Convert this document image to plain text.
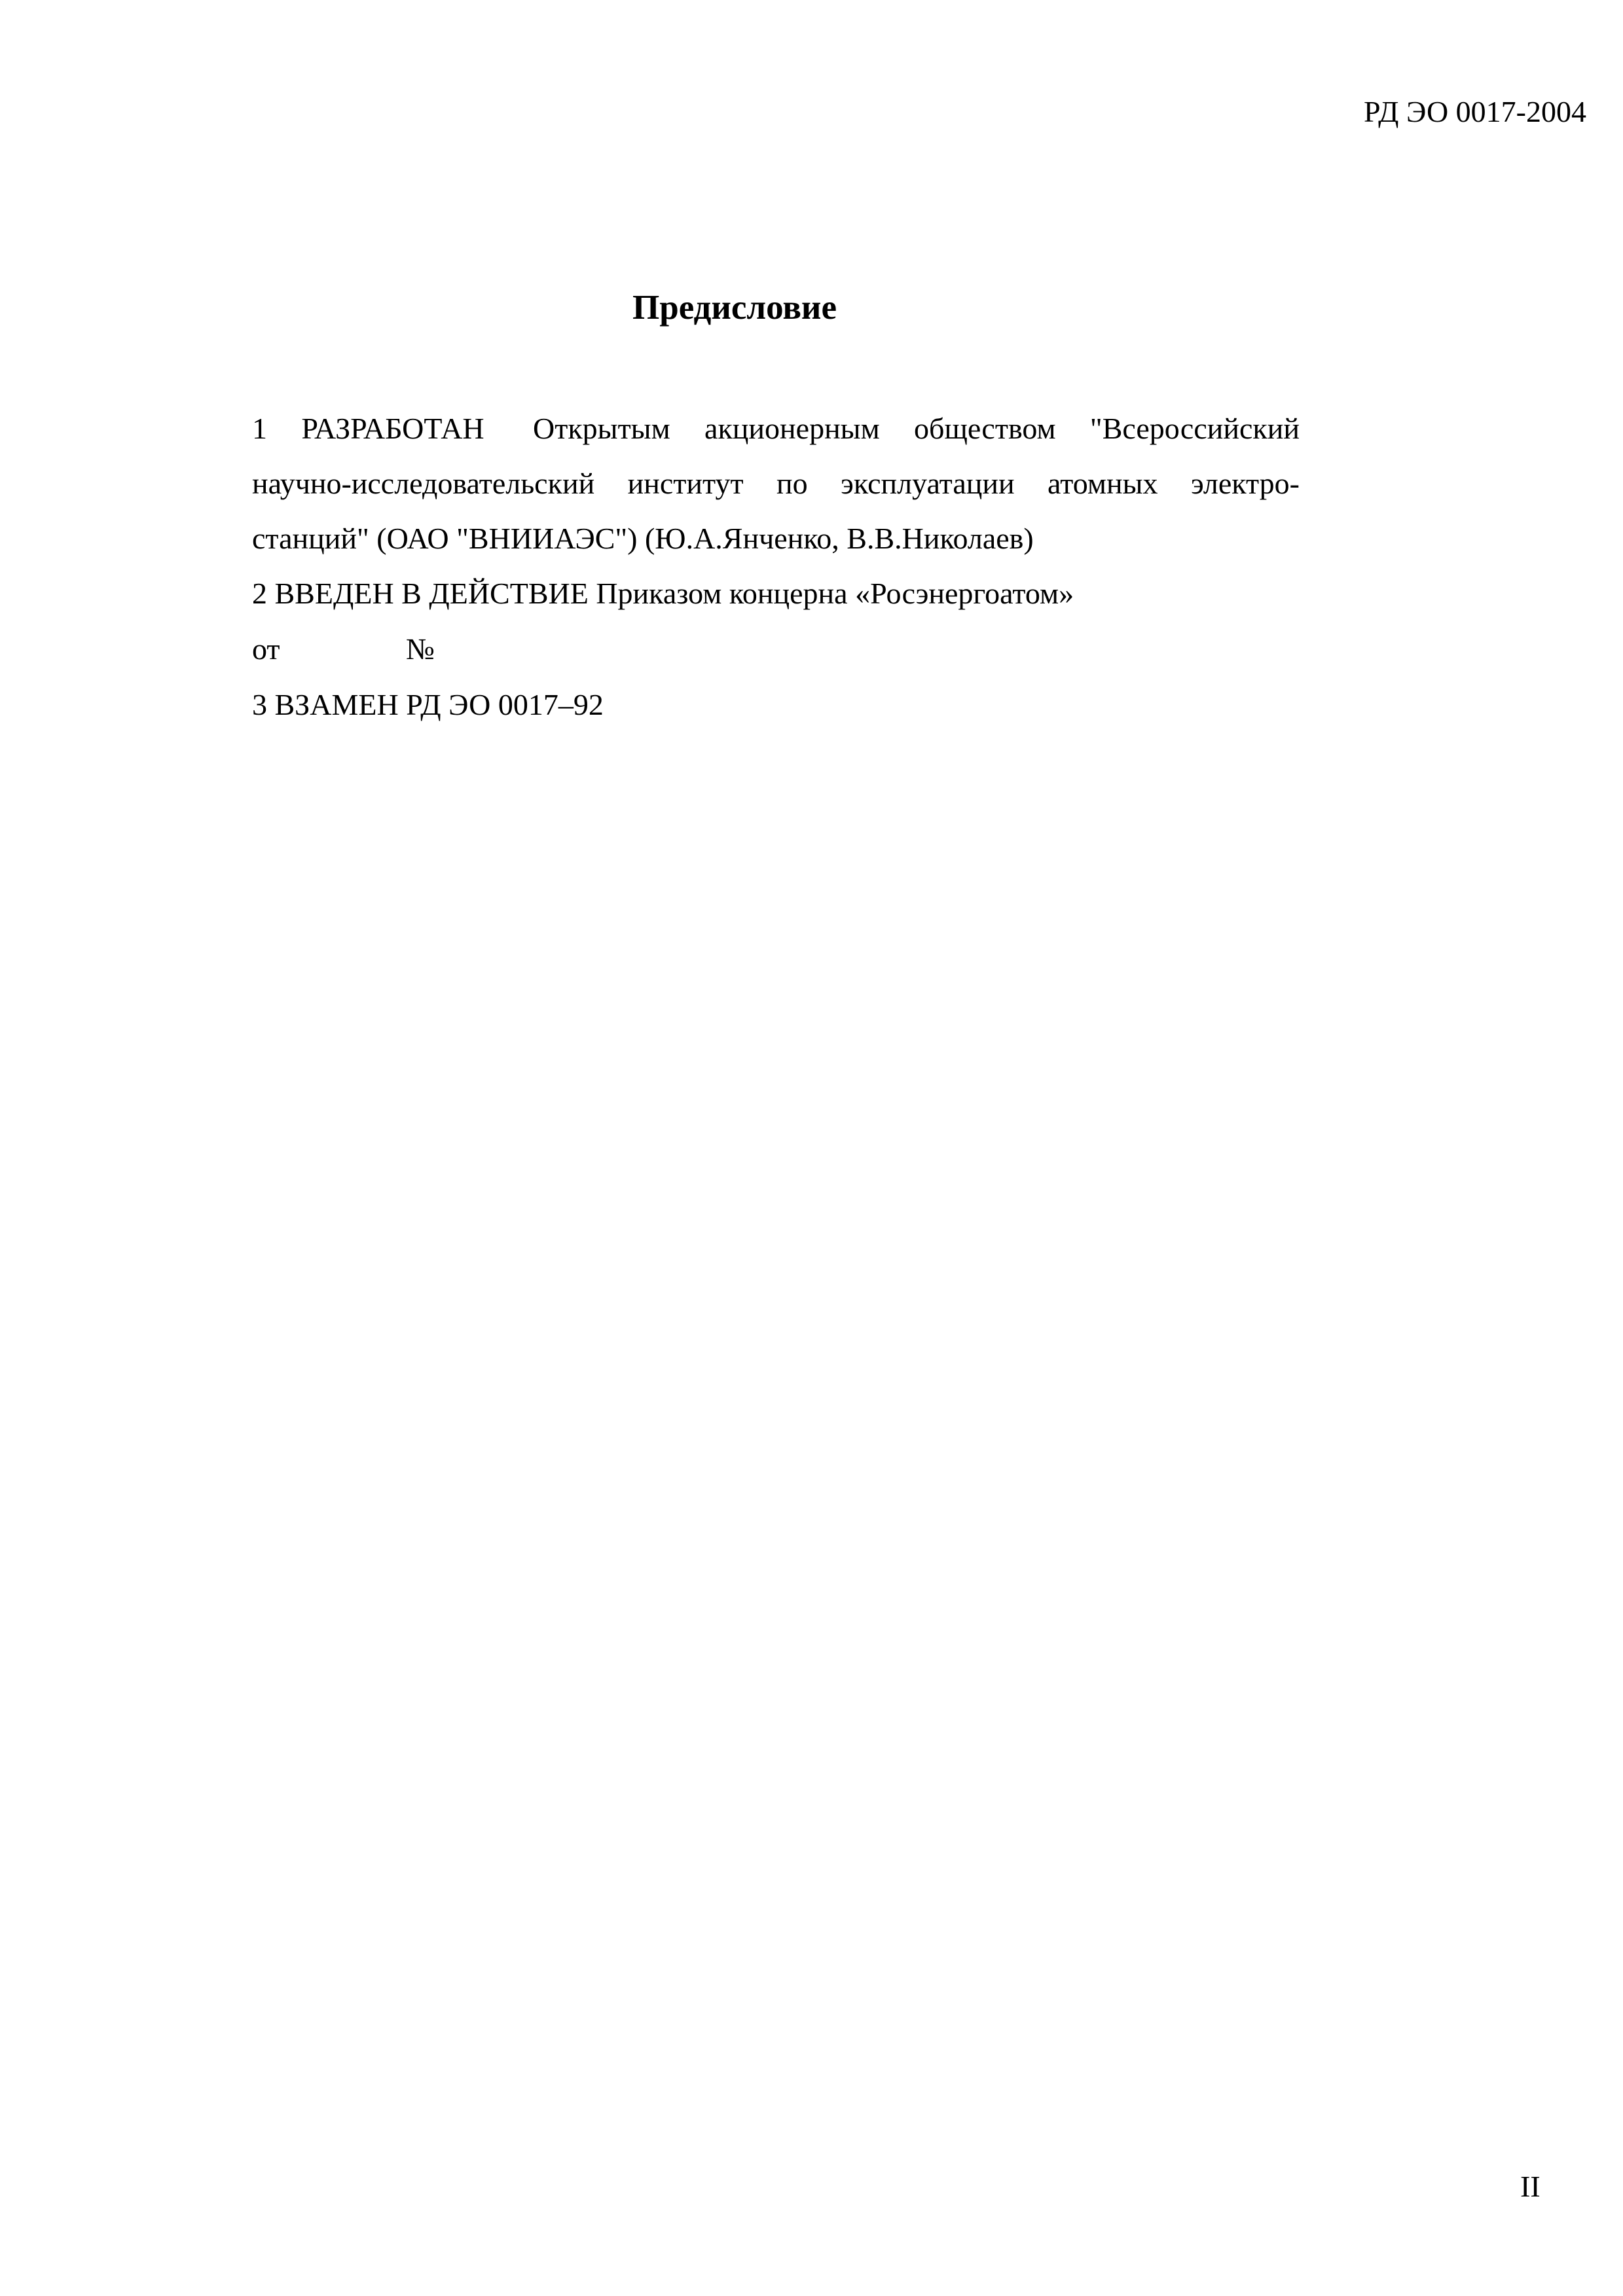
РД ЭО 0017-2004
Предисловие
1 РАЗРАБОТАН Открытым акционерным обществом "Всероссийский
научно-исследовательский институт по эксплуатации атомных электро-
станций" (ОАО "ВНИИАЭС") (Ю.А.Янченко, В.В.Николаев)
2 ВВЕДЕН В ДЕЙСТВИЕ Приказом концерна «Росэнергоатом»
от	№
3 ВЗАМЕН РД ЭО 0017–92
II
